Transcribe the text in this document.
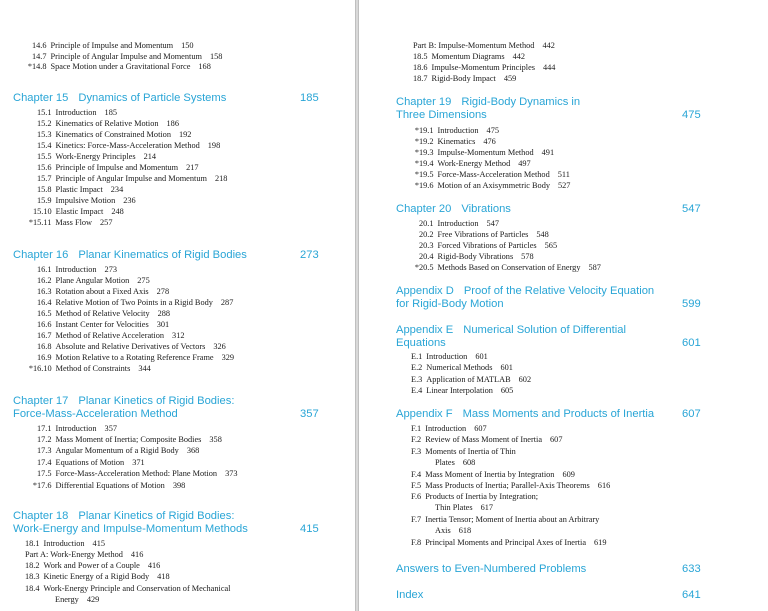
14.6 Principle of Impulse and Momentum 150
14.7 Principle of Angular Impulse and Momentum 158
*14.8 Space Motion under a Gravitational Force 168
Chapter 15 Dynamics of Particle Systems	185
15.1 Introduction 185
15.2 Kinematics of Relative Motion 186
15.3 Kinematics of Constrained Motion 192
15.4 Kinetics: Force-Mass-Acceleration Method 198
15.5 Work-Energy Principles 214
15.6 Principle of Impulse and Momentum 217
15.7 Principle of Angular Impulse and Momentum 218
15.8 Plastic Impact 234
15.9 Impulsive Motion 236
15.10 Elastic Impact 248
*15.11 Mass Flow 257
Chapter 16 Planar Kinematics of Rigid Bodies	273
16.1 Introduction 273
16.2 Plane Angular Motion 275
16.3 Rotation about a Fixed Axis 278
16.4 Relative Motion of Two Points in a Rigid Body 287
16.5 Method of Relative Velocity 288
16.6 Instant Center for Velocities 301
16.7 Method of Relative Acceleration 312
16.8 Absolute and Relative Derivatives of Vectors 326
16.9 Motion Relative to a Rotating Reference Frame 329
*16.10 Method of Constraints 344
Chapter 17 Planar Kinetics of Rigid Bodies:
Force-Mass-Acceleration Method	357
17.1 Introduction 357
17.2 Mass Moment of Inertia; Composite Bodies 358
17.3 Angular Momentum of a Rigid Body 368
17.4 Equations of Motion 371
17.5 Force-Mass-Acceleration Method: Plane Motion 373
*17.6 Differential Equations of Motion 398
Chapter 18 Planar Kinetics of Rigid Bodies:
Work-Energy and Impulse-Momentum Methods	415
18.1 Introduction 415
Part A: Work-Energy Method 416
18.2 Work and Power of a Couple 416
18.3 Kinetic Energy of a Rigid Body 418
18.4 Work-Energy Principle and Conservation of Mechanical
Energy 429
Part B: Impulse-Momentum Method 442
18.5 Momentum Diagrams 442
18.6 Impulse-Momentum Principles 444
18.7 Rigid-Body Impact 459
Chapter 19 Rigid-Body Dynamics in
Three Dimensions	475
*19.1 Introduction 475
*19.2 Kinematics 476
*19.3 Impulse-Momentum Method 491
*19.4 Work-Energy Method 497
*19.5 Force-Mass-Acceleration Method 511
*19.6 Motion of an Axisymmetric Body 527
Chapter 20 Vibrations	547
20.1 Introduction 547
20.2 Free Vibrations of Particles 548
20.3 Forced Vibrations of Particles 565
20.4 Rigid-Body Vibrations 578
*20.5 Methods Based on Conservation of Energy 587
Appendix D Proof of the Relative Velocity Equation
for Rigid-Body Motion	599
Appendix E Numerical Solution of Differential
Equations	601
E.1 Introduction 601
E.2 Numerical Methods 601
E.3 Application of MATLAB 602
E.4 Linear Interpolation 605
Appendix F Mass Moments and Products of Inertia 607
F.1 Introduction 607
F.2 Review of Mass Moment of Inertia 607
F.3 Moments of Inertia of Thin
Plates 608
F.4 Mass Moment of Inertia by Integration 609
F.5 Mass Products of Inertia; Parallel-Axis Theorems 616
F.6 Products of Inertia by Integration;
Thin Plates 617
F.7 Inertia Tensor; Moment of Inertia about an Arbitrary
Axis 618
F.8 Principal Moments and Principal Axes of Inertia 619
Answers to Even-Numbered Problems	633
Index	641
